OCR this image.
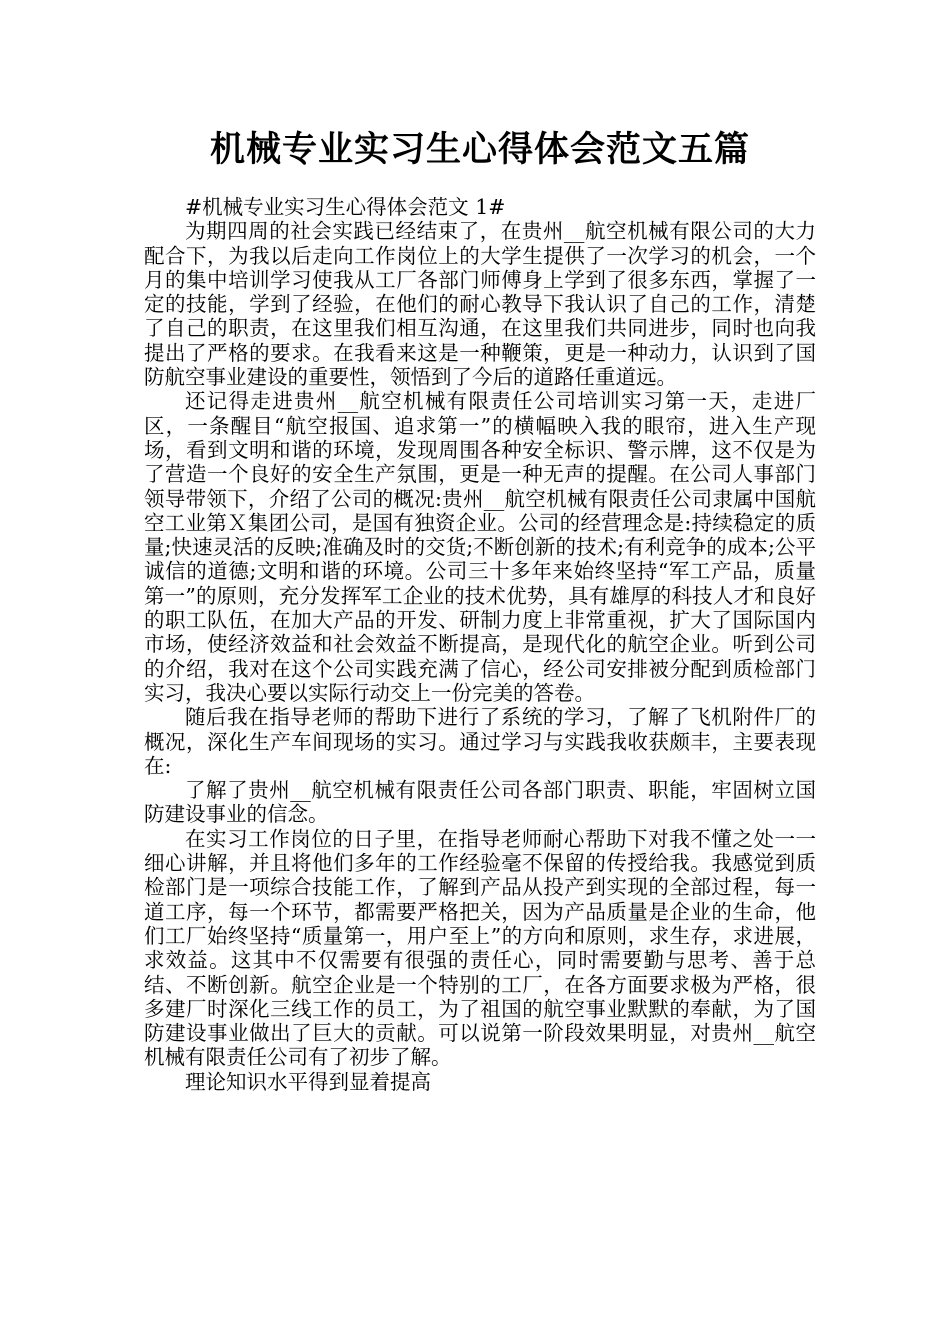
机械专业实习生心得体会范文五篇

#机械专业实习生心得体会范文 1#

为期四周的社会实践已经结束了，在贵州__航空机械有限公司的大力配合下，为我以后走向工作岗位上的大学生提供了一次学习的机会，一个月的集中培训学习使我从工厂各部门师傅身上学到了很多东西，掌握了一定的技能，学到了经验，在他们的耐心教导下我认识了自己的工作，清楚了自己的职责，在这里我们相互沟通，在这里我们共同进步，同时也向我提出了严格的要求。在我看来这是一种鞭策，更是一种动力，认识到了国防航空事业建设的重要性，领悟到了今后的道路任重道远。

还记得走进贵州__航空机械有限责任公司培训实习第一天，走进厂区，一条醒目“航空报国、追求第一”的横幅映入我的眼帘，进入生产现场，看到文明和谐的环境，发现周围各种安全标识、警示牌，这不仅是为了营造一个良好的安全生产氛围，更是一种无声的提醒。在公司人事部门领导带领下，介绍了公司的概况:贵州__航空机械有限责任公司隶属中国航空工业第Ｘ集团公司，是国有独资企业。公司的经营理念是:持续稳定的质量;快速灵活的反映;准确及时的交货;不断创新的技术;有利竞争的成本;公平诚信的道德;文明和谐的环境。公司三十多年来始终坚持“军工产品，质量第一”的原则，充分发挥军工企业的技术优势，具有雄厚的科技人才和良好的职工队伍，在加大产品的开发、研制力度上非常重视，扩大了国际国内市场，使经济效益和社会效益不断提高，是现代化的航空企业。听到公司的介绍，我对在这个公司实践充满了信心，经公司安排被分配到质检部门实习，我决心要以实际行动交上一份完美的答卷。

随后我在指导老师的帮助下进行了系统的学习，了解了飞机附件厂的概况，深化生产车间现场的实习。通过学习与实践我收获颇丰，主要表现在:

了解了贵州__航空机械有限责任公司各部门职责、职能，牢固树立国防建设事业的信念。

在实习工作岗位的日子里，在指导老师耐心帮助下对我不懂之处一一细心讲解，并且将他们多年的工作经验毫不保留的传授给我。我感觉到质检部门是一项综合技能工作，了解到产品从投产到实现的全部过程，每一道工序，每一个环节，都需要严格把关，因为产品质量是企业的生命，他们工厂始终坚持“质量第一，用户至上”的方向和原则，求生存，求进展，求效益。这其中不仅需要有很强的责任心，同时需要勤与思考、善于总结、不断创新。航空企业是一个特别的工厂，在各方面要求极为严格，很多建厂时深化三线工作的员工，为了祖国的航空事业默默的奉献，为了国防建设事业做出了巨大的贡献。可以说第一阶段效果明显，对贵州__航空机械有限责任公司有了初步了解。

理论知识水平得到显着提高
